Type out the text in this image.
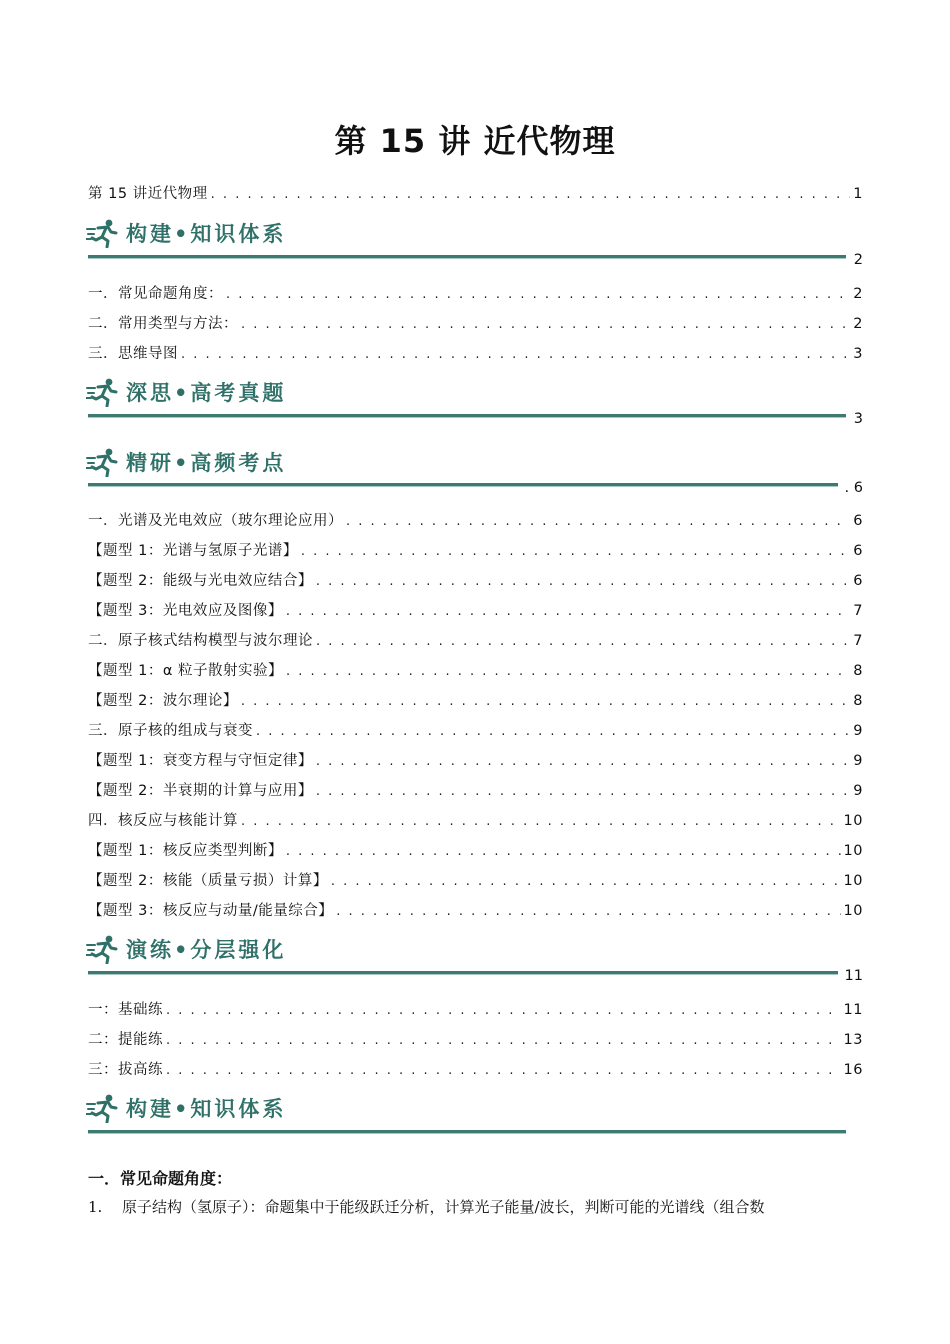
第 15 讲 近代物理
第 15 讲近代物理 . . .	1
构建•知识体系
2
一．常见命题角度： . . .	2
二．常用类型与方法： . . .	2
三．思维导图 . . .	3
深思•高考真题
3
精研•高频考点
. 6
一．光谱及光电效应（玻尔理论应用） . . .	6
【题型 1：光谱与氢原子光谱】 . . .	6
【题型 2：能级与光电效应结合】 . . .	6
【题型 3：光电效应及图像】 . . .	7
二．原子核式结构模型与波尔理论 . . .	7
【题型 1：α 粒子散射实验】 . . .	8
【题型 2：波尔理论】 . . .	8
三．原子核的组成与衰变 . . .	9
【题型 1：衰变方程与守恒定律】 . . .	9
【题型 2：半衰期的计算与应用】 . . .	9
四．核反应与核能计算 . . .	10
【题型 1：核反应类型判断】 . . .	10
【题型 2：核能（质量亏损）计算】 . . .	10
【题型 3：核反应与动量/能量综合】 . . .	10
演练•分层强化
11
一：基础练 . . .	11
二：提能练 . . .	13
三：拔高练 . . .	16
构建•知识体系
一．常见命题角度：
1. 原子结构（氢原子）：命题集中于能级跃迁分析，计算光子能量/波长，判断可能的光谱线（组合数
